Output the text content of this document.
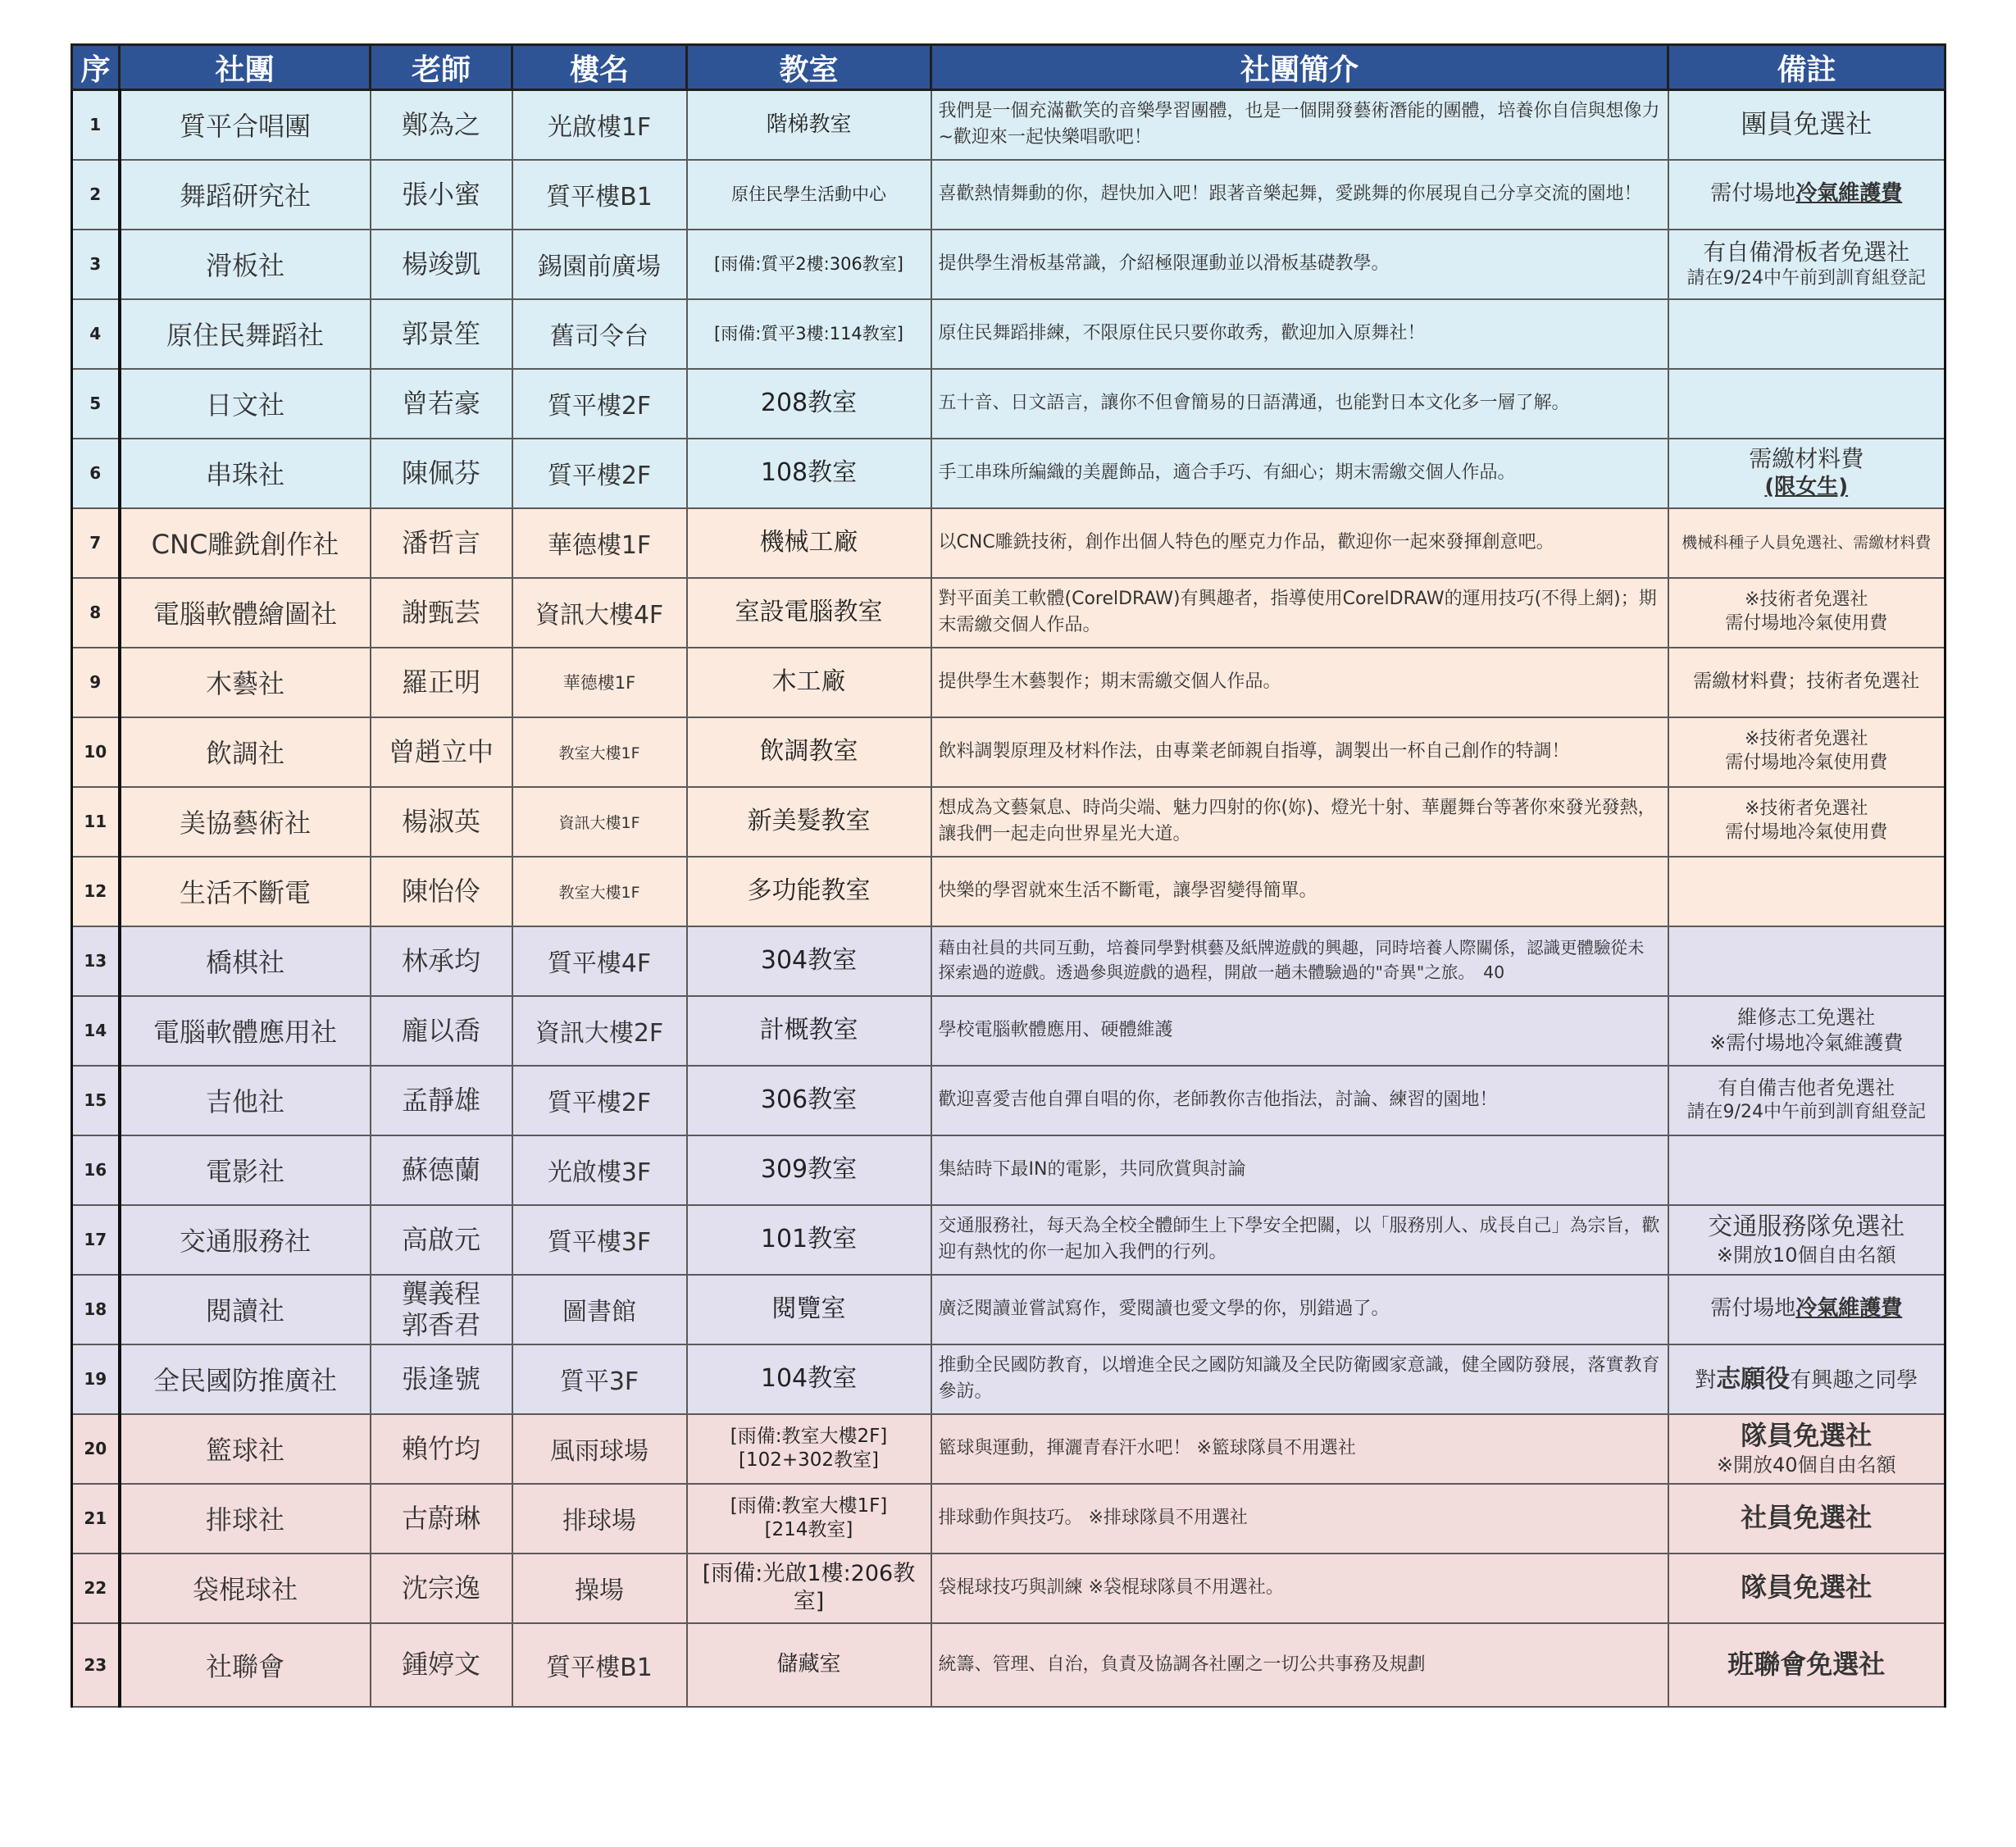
序	社團	老師	樓名	教室	社團簡介	備註
1	質平合唱團	鄭為之	光啟樓1F	階梯教室	我們是一個充滿歡笑的音樂學習團體，也是一個開發藝術潛能的團體，培養你自信與想像力~歡迎來一起快樂唱歌吧！	團員免選社
2	舞蹈研究社	張小蜜	質平樓B1	原住民學生活動中心	喜歡熱情舞動的你，趕快加入吧！跟著音樂起舞，愛跳舞的你展現自己分享交流的園地！	需付場地冷氣維護費
3	滑板社	楊竣凱	錫園前廣場	[雨備:質平2樓:306教室]	提供學生滑板基常識，介紹極限運動並以滑板基礎教學。	有自備滑板者免選社
請在9/24中午前到訓育組登記

4	原住民舞蹈社	郭景笙	舊司令台	[雨備:質平3樓:114教室]	原住民舞蹈排練，不限原住民只要你敢秀，歡迎加入原舞社！	
5	日文社	曾若豪	質平樓2F	208教室	五十音、日文語言，讓你不但會簡易的日語溝通，也能對日本文化多一層了解。	
6	串珠社	陳佩芬	質平樓2F	108教室	手工串珠所編織的美麗飾品，適合手巧、有細心；期末需繳交個人作品。	需繳材料費
(限女生)

7	CNC雕銑創作社	潘哲言	華德樓1F	機械工廠	以CNC雕銑技術，創作出個人特色的壓克力作品，歡迎你一起來發揮創意吧。	機械科種子人員免選社、需繳材料費
8	電腦軟體繪圖社	謝甄芸	資訊大樓4F	室設電腦教室	對平面美工軟體(CorelDRAW)有興趣者，指導使用CorelDRAW的運用技巧(不得上網)；期末需繳交個人作品。	※技術者免選社
需付場地冷氣使用費

9	木藝社	羅正明	華德樓1F	木工廠	提供學生木藝製作；期末需繳交個人作品。	需繳材料費；技術者免選社
10	飲調社	曾趙立中	教室大樓1F	飲調教室	飲料調製原理及材料作法，由專業老師親自指導，調製出一杯自己創作的特調！	※技術者免選社
需付場地冷氣使用費

11	美協藝術社	楊淑英	資訊大樓1F	新美髮教室	想成為文藝氣息、時尚尖端、魅力四射的你(妳)、燈光十射、華麗舞台等著你來發光發熱，讓我們一起走向世界星光大道。	※技術者免選社
需付場地冷氣使用費

12	生活不斷電	陳怡伶	教室大樓1F	多功能教室	快樂的學習就來生活不斷電，讓學習變得簡單。	
13	橋棋社	林承均	質平樓4F	304教室	藉由社員的共同互動，培養同學對棋藝及紙牌遊戲的興趣，同時培養人際關係，認識更體驗從未探索過的遊戲。透過參與遊戲的過程，開啟一趟未體驗過的"奇異"之旅。　40	
14	電腦軟體應用社	龐以喬	資訊大樓2F	計概教室	學校電腦軟體應用、硬體維護	維修志工免選社
※需付場地冷氣維護費

15	吉他社	孟靜雄	質平樓2F	306教室	歡迎喜愛吉他自彈自唱的你，老師教你吉他指法，討論、練習的園地！	有自備吉他者免選社
請在9/24中午前到訓育組登記

16	電影社	蘇德蘭	光啟樓3F	309教室	集結時下最IN的電影，共同欣賞與討論	
17	交通服務社	高啟元	質平樓3F	101教室	交通服務社，每天為全校全體師生上下學安全把關，以「服務別人、成長自己」為宗旨，歡迎有熱忱的你一起加入我們的行列。	交通服務隊免選社
※開放10個自由名額

18	閱讀社	龔義程
郭香君	圖書館	閱覽室	廣泛閱讀並嘗試寫作，愛閱讀也愛文學的你，別錯過了。	需付場地冷氣維護費
19	全民國防推廣社	張逢號	質平3F	104教室	推動全民國防教育，以增進全民之國防知識及全民防衛國家意識，健全國防發展，落實教育參訪。	對志願役有興趣之同學
20	籃球社	賴竹均	風雨球場	[雨備:教室大樓2F]
[102+302教室]	籃球與運動，揮灑青春汗水吧！ ※籃球隊員不用選社	隊員免選社
※開放40個自由名額

21	排球社	古蔚琳	排球場	[雨備:教室大樓1F]
[214教室]	排球動作與技巧。 ※排球隊員不用選社	社員免選社
22	袋棍球社	沈宗逸	操場	[雨備:光啟1樓:206教
室]	袋棍球技巧與訓練 ※袋棍球隊員不用選社。	隊員免選社
23	社聯會	鍾婷文	質平樓B1	儲藏室	統籌、管理、自治，負責及協調各社團之一切公共事務及規劃	班聯會免選社
